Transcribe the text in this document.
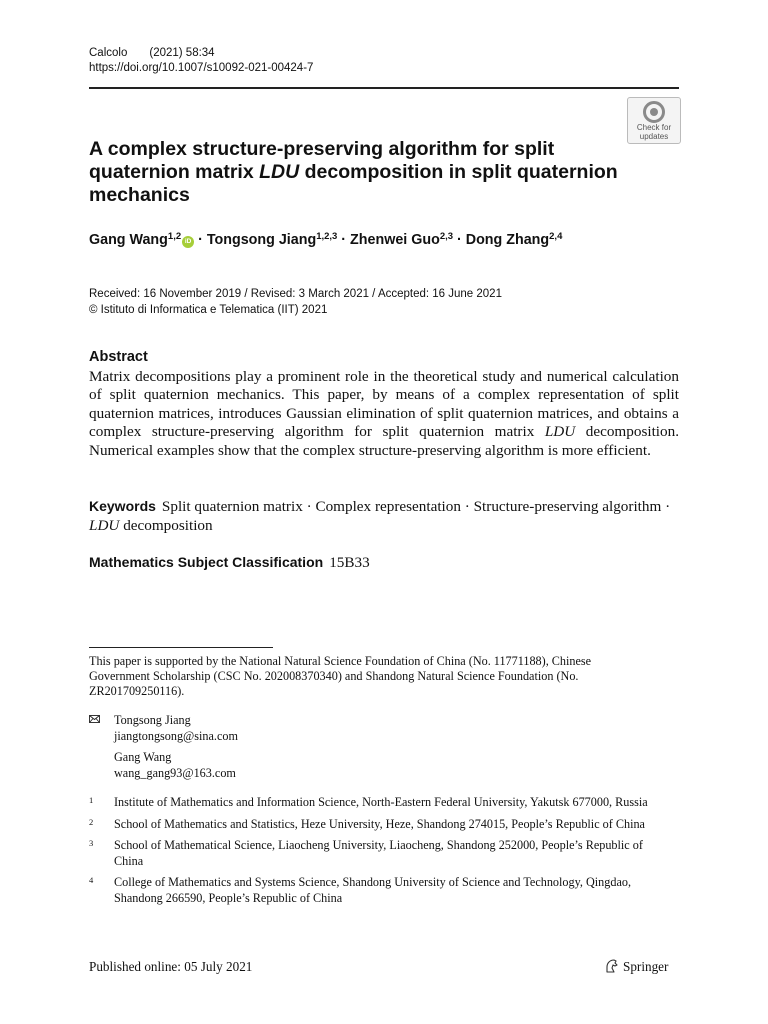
Calcolo (2021) 58:34
https://doi.org/10.1007/s10092-021-00424-7
Check for
updates
A complex structure-preserving algorithm for split quaternion matrix LDU decomposition in split quaternion mechanics
Gang Wang$^{1,2}$ iD · Tongsong Jiang$^{1,2,3}$ · Zhenwei Guo$^{2,3}$ · Dong Zhang$^{2,4}$
Received: 16 November 2019 / Revised: 3 March 2021 / Accepted: 16 June 2021
© Istituto di Informatica e Telematica (IIT) 2021
Abstract
Matrix decompositions play a prominent role in the theoretical study and numerical calculation of split quaternion mechanics. This paper, by means of a complex representation of split quaternion matrices, introduces Gaussian elimination of split quaternion matrices, and obtains a complex structure-preserving algorithm for split quaternion matrix LDU decomposition. Numerical examples show that the complex structure-preserving algorithm is more efficient.
Keywords Split quaternion matrix · Complex representation · Structure-preserving algorithm · LDU decomposition
Mathematics Subject Classification 15B33
This paper is supported by the National Natural Science Foundation of China (No. 11771188), Chinese Government Scholarship (CSC No. 202008370340) and Shandong Natural Science Foundation (No. ZR201709250116).
Tongsong Jiang
jiangtongsong@sina.com
Gang Wang
wang_gang93@163.com
1 Institute of Mathematics and Information Science, North-Eastern Federal University, Yakutsk 677000, Russia
2 School of Mathematics and Statistics, Heze University, Heze, Shandong 274015, People’s Republic of China
3 School of Mathematical Science, Liaocheng University, Liaocheng, Shandong 252000, People’s Republic of China
4 College of Mathematics and Systems Science, Shandong University of Science and Technology, Qingdao, Shandong 266590, People’s Republic of China
Published online: 05 July 2021	Springer
